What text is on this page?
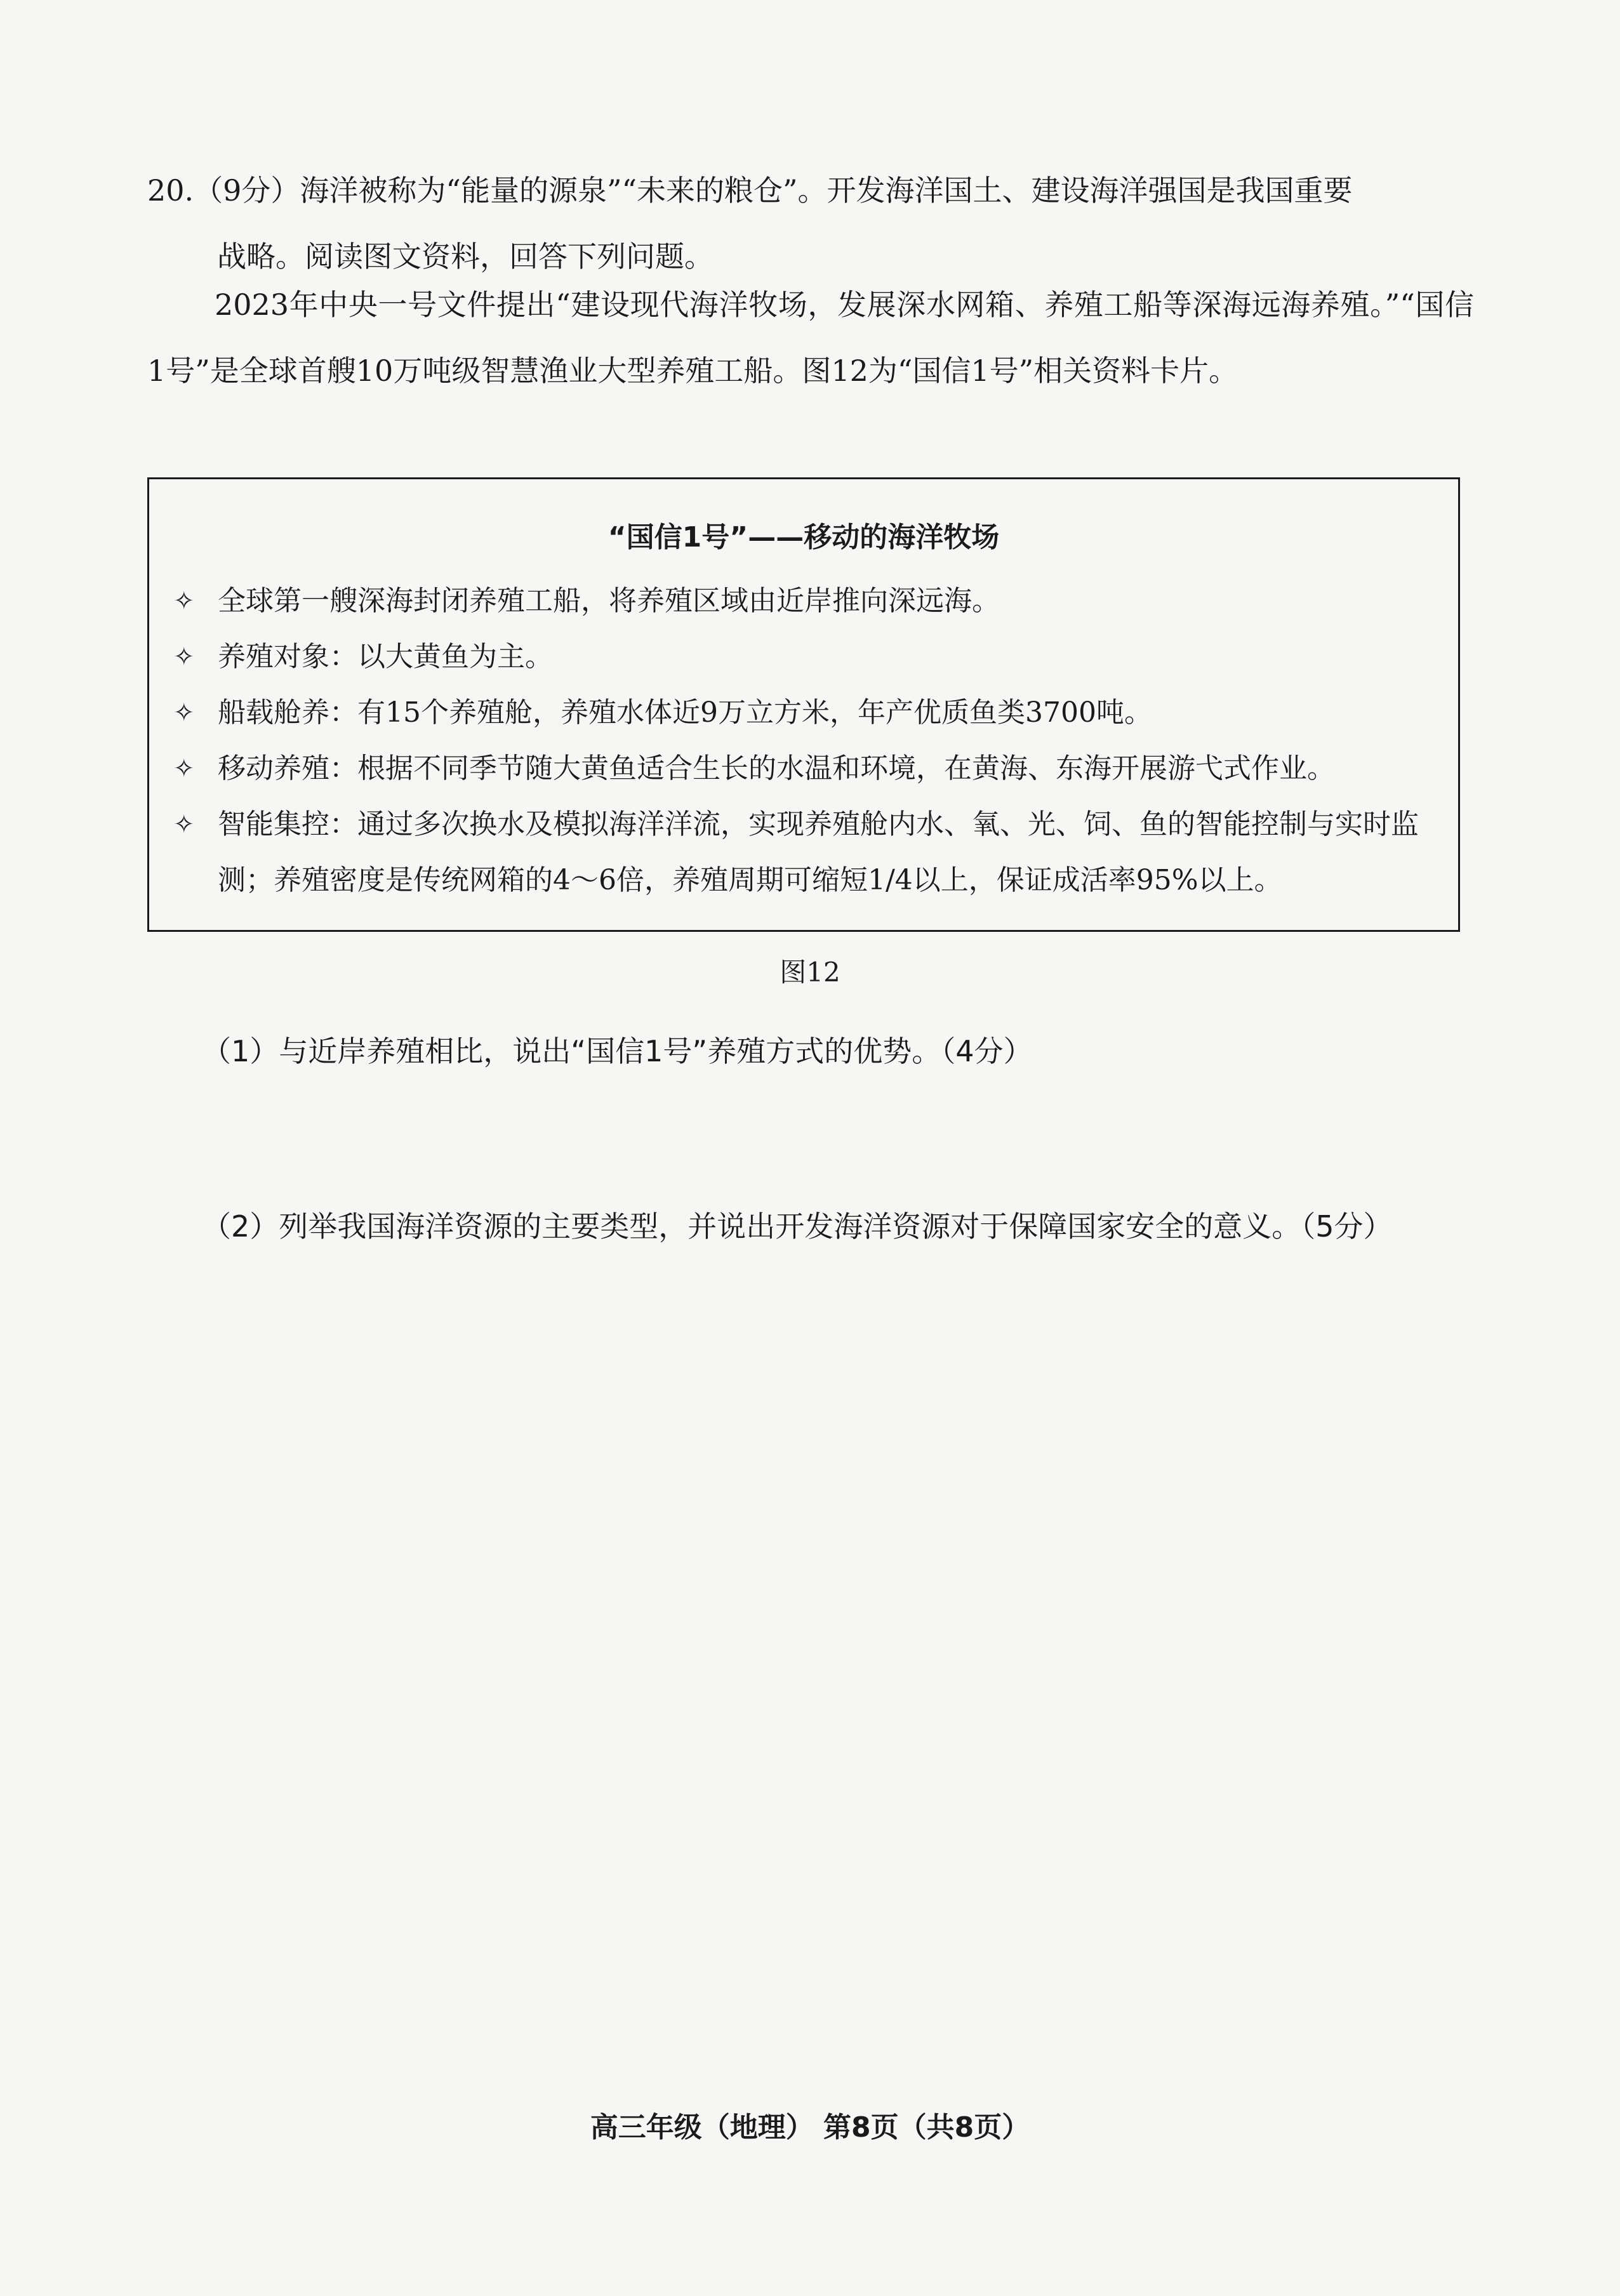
20.（9分）海洋被称为“能量的源泉”“未来的粮仓”。开发海洋国土、建设海洋强国是我国重要
战略。阅读图文资料，回答下列问题。
2023年中央一号文件提出“建设现代海洋牧场，发展深水网箱、养殖工船等深海远海养殖。”“国信1号”是全球首艘10万吨级智慧渔业大型养殖工船。图12为“国信1号”相关资料卡片。
“国信1号”——移动的海洋牧场
✧ 全球第一艘深海封闭养殖工船，将养殖区域由近岸推向深远海。
✧ 养殖对象：以大黄鱼为主。
✧ 船载舱养：有15个养殖舱，养殖水体近9万立方米，年产优质鱼类3700吨。
✧ 移动养殖：根据不同季节随大黄鱼适合生长的水温和环境，在黄海、东海开展游弋式作业。
✧ 智能集控：通过多次换水及模拟海洋洋流，实现养殖舱内水、氧、光、饲、鱼的智能控制与实时监测；养殖密度是传统网箱的4～6倍，养殖周期可缩短1/4以上，保证成活率95%以上。
图12
（1）与近岸养殖相比，说出“国信1号”养殖方式的优势。（4分）
（2）列举我国海洋资源的主要类型，并说出开发海洋资源对于保障国家安全的意义。（5分）
高三年级（地理） 第8页（共8页）
